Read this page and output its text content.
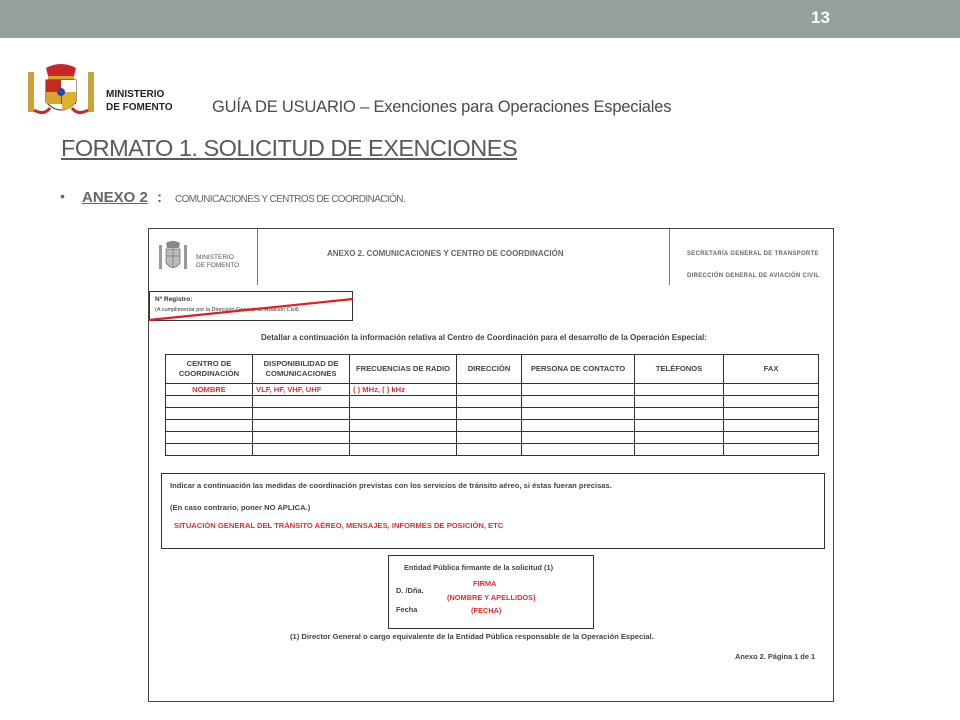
13
MINISTERIO
DE FOMENTO GUÍA DE USUARIO – Exenciones para Operaciones Especiales
FORMATO 1. SOLICITUD DE EXENCIONES
• ANEXO 2 : COMUNICACIONES Y CENTROS DE COORDINACIÓN.
MINISTERIO
DE FOMENTO
ANEXO 2. COMUNICACIONES Y CENTRO DE COORDINACIÓN	SECRETARÍA GENERAL DE TRANSPORTE
DIRECCIÓN GENERAL DE AVIACIÓN CIVIL
Nº Registro:
(A cumplimentar por la Dirección General de Aviación Civil)
Detallar a continuación la información relativa al Centro de Coordinación para el desarrollo de la Operación Especial:
CENTRO DE COORDINACIÓN	DISPONIBILIDAD DE COMUNICACIONES	FRECUENCIAS DE RADIO	DIRECCIÓN	PERSONA DE CONTACTO	TELÉFONOS	FAX
NOMBRE	VLF, HF, VHF, UHF	( ) MHz, ( ) kHz				

Indicar a continuación las medidas de coordinación previstas con los servicios de tránsito aéreo, si éstas fueran precisas.
(En caso contrario, poner NO APLICA.)
SITUACIÓN GENERAL DEL TRÁNSITO AÉREO, MENSAJES, INFORMES DE POSICIÓN, ETC
Entidad Pública firmante de la solicitud (1)
D. /Dña.
Fecha
FIRMA
(NOMBRE Y APELLIDOS)
(FECHA)
(1) Director General o cargo equivalente de la Entidad Pública responsable de la Operación Especial.
Anexo 2. Página 1 de 1
